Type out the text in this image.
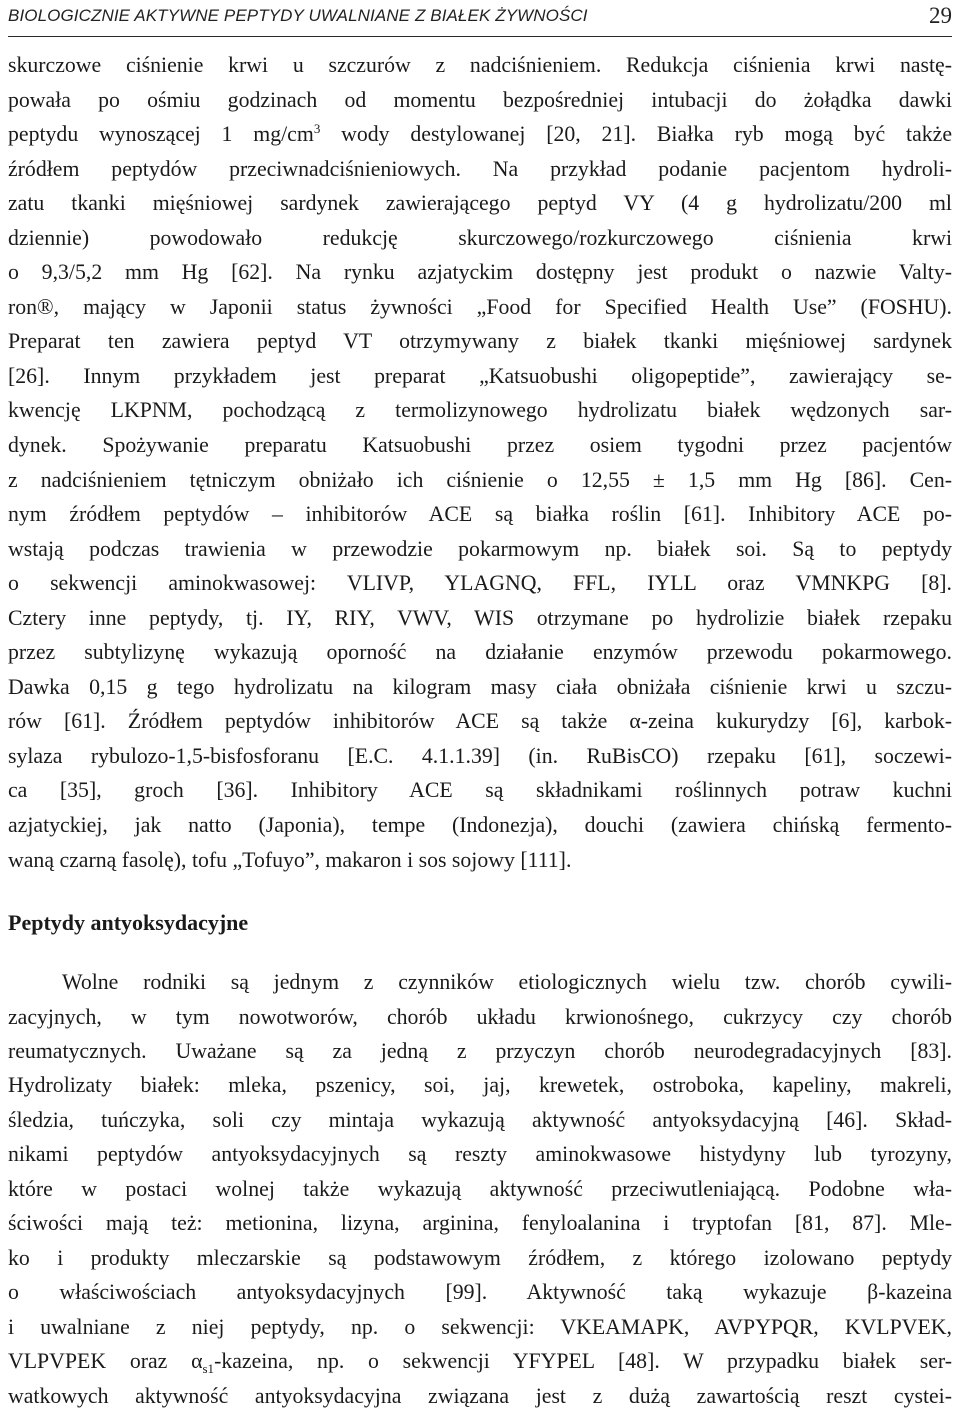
BIOLOGICZNIE AKTYWNE PEPTYDY UWALNIANE Z BIAŁEK ŻYWNOŚCI	29
skurczowe ciśnienie krwi u szczurów z nadciśnieniem. Redukcja ciśnienia krwi nastę-
powała po ośmiu godzinach od momentu bezpośredniej intubacji do żołądka dawki
peptydu wynoszącej 1 $mg/cm^3$ wody destylowanej [20, 21]. Białka ryb mogą być także
źródłem peptydów przeciwnadciśnieniowych. Na przykład podanie pacjentom hydroli-
zatu tkanki mięśniowej sardynek zawierającego peptyd VY (4 g hydrolizatu/200 ml
dziennie) powodowało redukcję skurczowego/rozkurczowego ciśnienia krwi
o 9,3/5,2 mm Hg [62]. Na rynku azjatyckim dostępny jest produkt o nazwie Valty-
ron®, mający w Japonii status żywności „Food for Specified Health Use” (FOSHU).
Preparat ten zawiera peptyd VT otrzymywany z białek tkanki mięśniowej sardynek
[26]. Innym przykładem jest preparat „Katsuobushi oligopeptide”, zawierający se-
kwencję LKPNM, pochodzącą z termolizynowego hydrolizatu białek wędzonych sar-
dynek. Spożywanie preparatu Katsuobushi przez osiem tygodni przez pacjentów
z nadciśnieniem tętniczym obniżało ich ciśnienie o 12,55 ± 1,5 mm Hg [86]. Cen-
nym źródłem peptydów – inhibitorów ACE są białka roślin [61]. Inhibitory ACE po-
wstają podczas trawienia w przewodzie pokarmowym np. białek soi. Są to peptydy
o sekwencji aminokwasowej: VLIVP, YLAGNQ, FFL, IYLL oraz VMNKPG [8].
Cztery inne peptydy, tj. IY, RIY, VWV, WIS otrzymane po hydrolizie białek rzepaku
przez subtylizynę wykazują oporność na działanie enzymów przewodu pokarmowego.
Dawka 0,15 g tego hydrolizatu na kilogram masy ciała obniżała ciśnienie krwi u szczu-
rów [61]. Źródłem peptydów inhibitorów ACE są także α-zeina kukurydzy [6], karbok-
sylaza rybulozo-1,5-bisfosforanu [E.C. 4.1.1.39] (in. RuBisCO) rzepaku [61], soczewi-
ca [35], groch [36]. Inhibitory ACE są składnikami roślinnych potraw kuchni
azjatyckiej, jak natto (Japonia), tempe (Indonezja), douchi (zawiera chińską fermento-
waną czarną fasolę), tofu „Tofuyo”, makaron i sos sojowy [111].
Peptydy antyoksydacyjne
Wolne rodniki są jednym z czynników etiologicznych wielu tzw. chorób cywili-
zacyjnych, w tym nowotworów, chorób układu krwionośnego, cukrzycy czy chorób
reumatycznych. Uważane są za jedną z przyczyn chorób neurodegradacyjnych [83].
Hydrolizaty białek: mleka, pszenicy, soi, jaj, krewetek, ostroboka, kapeliny, makreli,
śledzia, tuńczyka, soli czy mintaja wykazują aktywność antyoksydacyjną [46]. Skład-
nikami peptydów antyoksydacyjnych są reszty aminokwasowe histydyny lub tyrozyny,
które w postaci wolnej także wykazują aktywność przeciwutleniającą. Podobne wła-
ściwości mają też: metionina, lizyna, arginina, fenyloalanina i tryptofan [81, 87]. Mle-
ko i produkty mleczarskie są podstawowym źródłem, z którego izolowano peptydy
o właściwościach antyoksydacyjnych [99]. Aktywność taką wykazuje β-kazeina
i uwalniane z niej peptydy, np. o sekwencji: VKEAMAPK, AVPYPQR, KVLPVEK,
VLPVPEK oraz $\alpha_{s1}$-kazeina, np. o sekwencji YFYPEL [48]. W przypadku białek ser-
watkowych aktywność antyoksydacyjna związana jest z dużą zawartością reszt cystei-
